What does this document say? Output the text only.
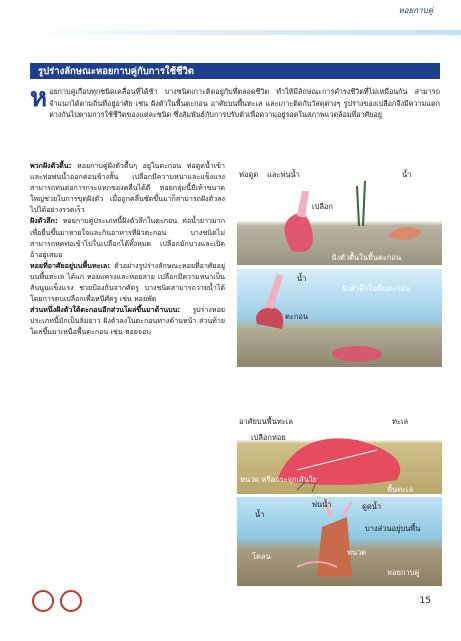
หอยกาบคู่
รูปร่างลักษณะหอยกาบคู่กับการใช้ชีวิต
ห อยกาบคู่เกือบทุกชนิดเคลื่อนที่ได้ช้า บางชนิดเกาะติดอยู่กับที่ตลอดชีวิต ทำให้มีลักษณะการดำรงชีวิตที่ไม่เหมือนกัน สามารถจำแนกได้ตามถิ่นที่อยู่อาศัย เช่น ฝังตัวในพื้นตะกอน อาศัยบนพื้นทะเล และเกาะติดกับวัสดุต่างๆ รูปร่างของเปลือกจึงมีความแตกต่างกันไปตามการใช้ชีวิตของแต่ละชนิด ซึ่งสัมพันธ์กับการปรับตัวเพื่อความอยู่รอดในสภาพแวดล้อมที่อาศัยอยู่

พวกฝังตัวตื้น: หอยกาบคู่ฝังตัวตื้นๆ อยู่ในตะกอน ท่อดูดน้ำเข้าและท่อพ่นน้ำออกค่อนข้างสั้น เปลือกมีความหนาและแข็งแรง สามารถทนต่อการกระแทกของคลื่นได้ดี หอยกลุ่มนี้มีเท้าขนาดใหญ่ช่วยในการขุดฝังตัว เมื่อถูกคลื่นซัดขึ้นมาก็สามารถฝังตัวลงไปได้อย่างรวดเร็ว

ฝังตัวลึก: หอยกาบคู่ประเภทนี้ฝังตัวลึกในตะกอน ท่อน้ำยาวมากเพื่อยื่นขึ้นมาหายใจและกินอาหารที่ผิวตะกอน บางชนิดไม่สามารถหดท่อเข้าไปในเปลือกได้ทั้งหมด เปลือกมักบางและเปิดอ้าอยู่เสมอ

หอยที่อาศัยอยู่บนพื้นทะเล: ตัวอย่างรูปร่างลักษณะหอยที่อาศัยอยู่บนพื้นทะเล ได้แก่ หอยแครงและหอยลาย เปลือกมีความหนาเป็นสันนูนแข็งแรง ช่วยป้องกันจากศัตรู บางชนิดสามารถว่ายน้ำได้โดยการตบเปลือกเพื่อหนีศัตรู เช่น หอยพัด

ส่วนหนึ่งฝังตัวใต้ตะกอนอีกส่วนโผล่ขึ้นมาด้านบน: รูปร่างหอยประเภทนี้มักเป็นลิ่มยาว ฝังตัวลงในตะกอนทางด้านหน้า ส่วนท้ายโผล่ขึ้นมาเหนือพื้นตะกอน เช่น หอยจอบ

ท่อดูด	น้ำ
และพ่นน้ำ
เปลือก
ฝังตัวตื้นในพื้นตะกอน
น้ำ
ฝังตัวลึกในพื้นตะกอน
ตะกอน
อาศัยบนพื้นทะเล	ทะเล
เปลือกหอย
หนวด หรือกระจุกเส้นใย
พื้นทะเล
น้ำ
พ่นน้ำ	ดูดน้ำ
บางส่วนอยู่บนพื้น
โคลน	หนวด
หอยกาบคู่
15
